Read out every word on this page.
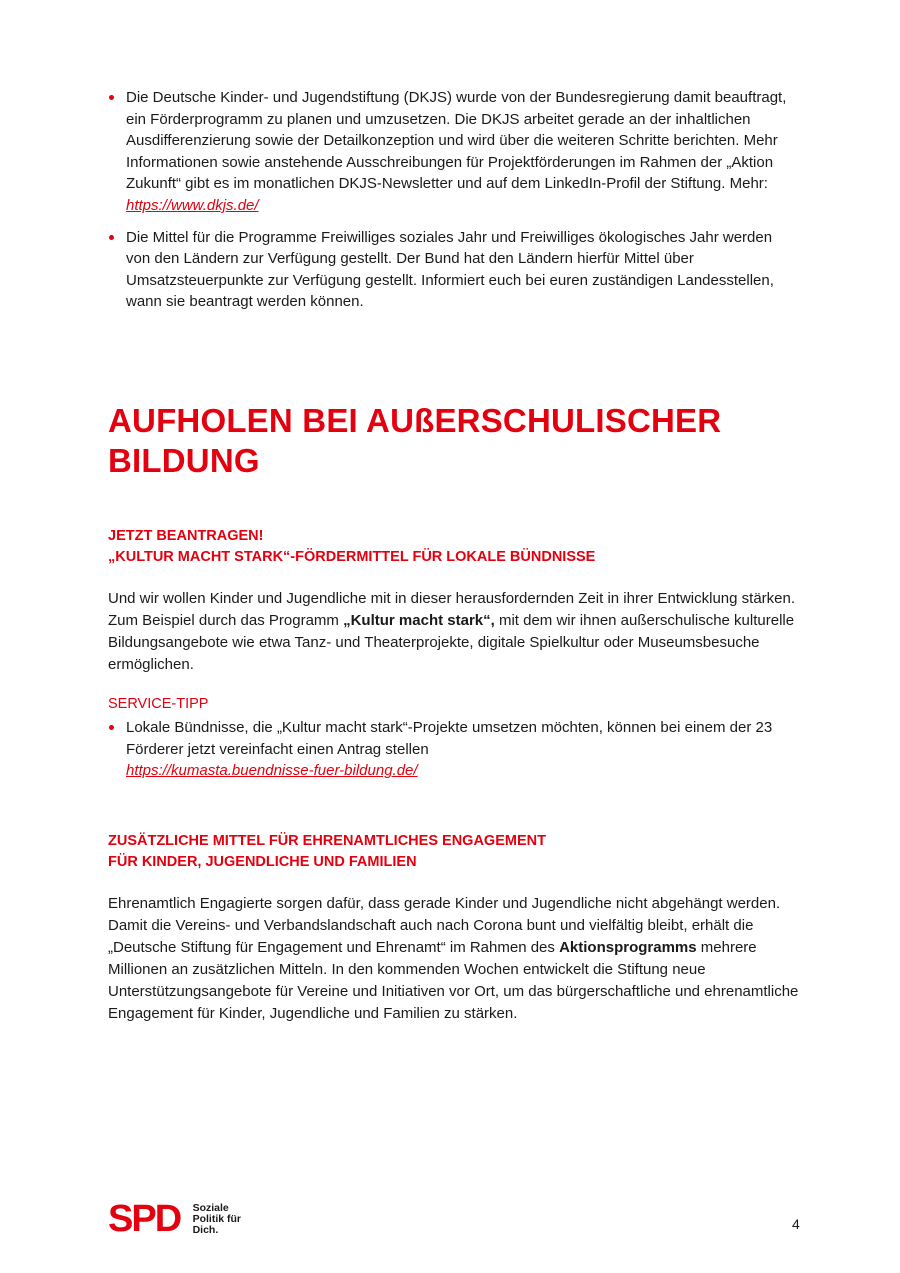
Die Deutsche Kinder- und Jugendstiftung (DKJS) wurde von der Bundesregierung damit beauftragt, ein Förderprogramm zu planen und umzusetzen. Die DKJS arbeitet gerade an der inhaltlichen Ausdifferenzierung sowie der Detailkonzeption und wird über die weiteren Schritte berichten. Mehr Informationen sowie anstehende Ausschreibungen für Projektförderungen im Rahmen der „Aktion Zukunft“ gibt es im monatlichen DKJS-Newsletter und auf dem LinkedIn-Profil der Stiftung. Mehr: https://www.dkjs.de/
Die Mittel für die Programme Freiwilliges soziales Jahr und Freiwilliges ökologisches Jahr werden von den Ländern zur Verfügung gestellt. Der Bund hat den Ländern hierfür Mittel über Umsatzsteuerpunkte zur Verfügung gestellt. Informiert euch bei euren zuständigen Landesstellen, wann sie beantragt werden können.
AUFHOLEN BEI AUßERSCHULISCHER
BILDUNG
JETZT BEANTRAGEN!
„KULTUR MACHT STARK“-FÖRDERMITTEL FÜR LOKALE BÜNDNISSE

Und wir wollen Kinder und Jugendliche mit in dieser herausfordernden Zeit in ihrer Entwicklung stärken. Zum Beispiel durch das Programm „Kultur macht stark“, mit dem wir ihnen außerschulische kulturelle Bildungsangebote wie etwa Tanz- und Theaterprojekte, digitale Spielkultur oder Museumsbesuche ermöglichen.

SERVICE-TIPP
Lokale Bündnisse, die „Kultur macht stark“-Projekte umsetzen möchten, können bei einem der 23 Förderer jetzt vereinfacht einen Antrag stellen
https://kumasta.buendnisse-fuer-bildung.de/
ZUSÄTZLICHE MITTEL FÜR EHRENAMTLICHES ENGAGEMENT
FÜR KINDER, JUGENDLICHE UND FAMILIEN

Ehrenamtlich Engagierte sorgen dafür, dass gerade Kinder und Jugendliche nicht abgehängt werden. Damit die Vereins- und Verbandslandschaft auch nach Corona bunt und vielfältig bleibt, erhält die „Deutsche Stiftung für Engagement und Ehrenamt“ im Rahmen des Aktionsprogramms mehrere Millionen an zusätzlichen Mitteln. In den kommenden Wochen entwickelt die Stiftung neue Unterstützungsangebote für Vereine und Initiativen vor Ort, um das bürgerschaftliche und ehrenamtliche Engagement für Kinder, Jugendliche und Familien zu stärken.

SPD Soziale
Politik für
Dich.	4
